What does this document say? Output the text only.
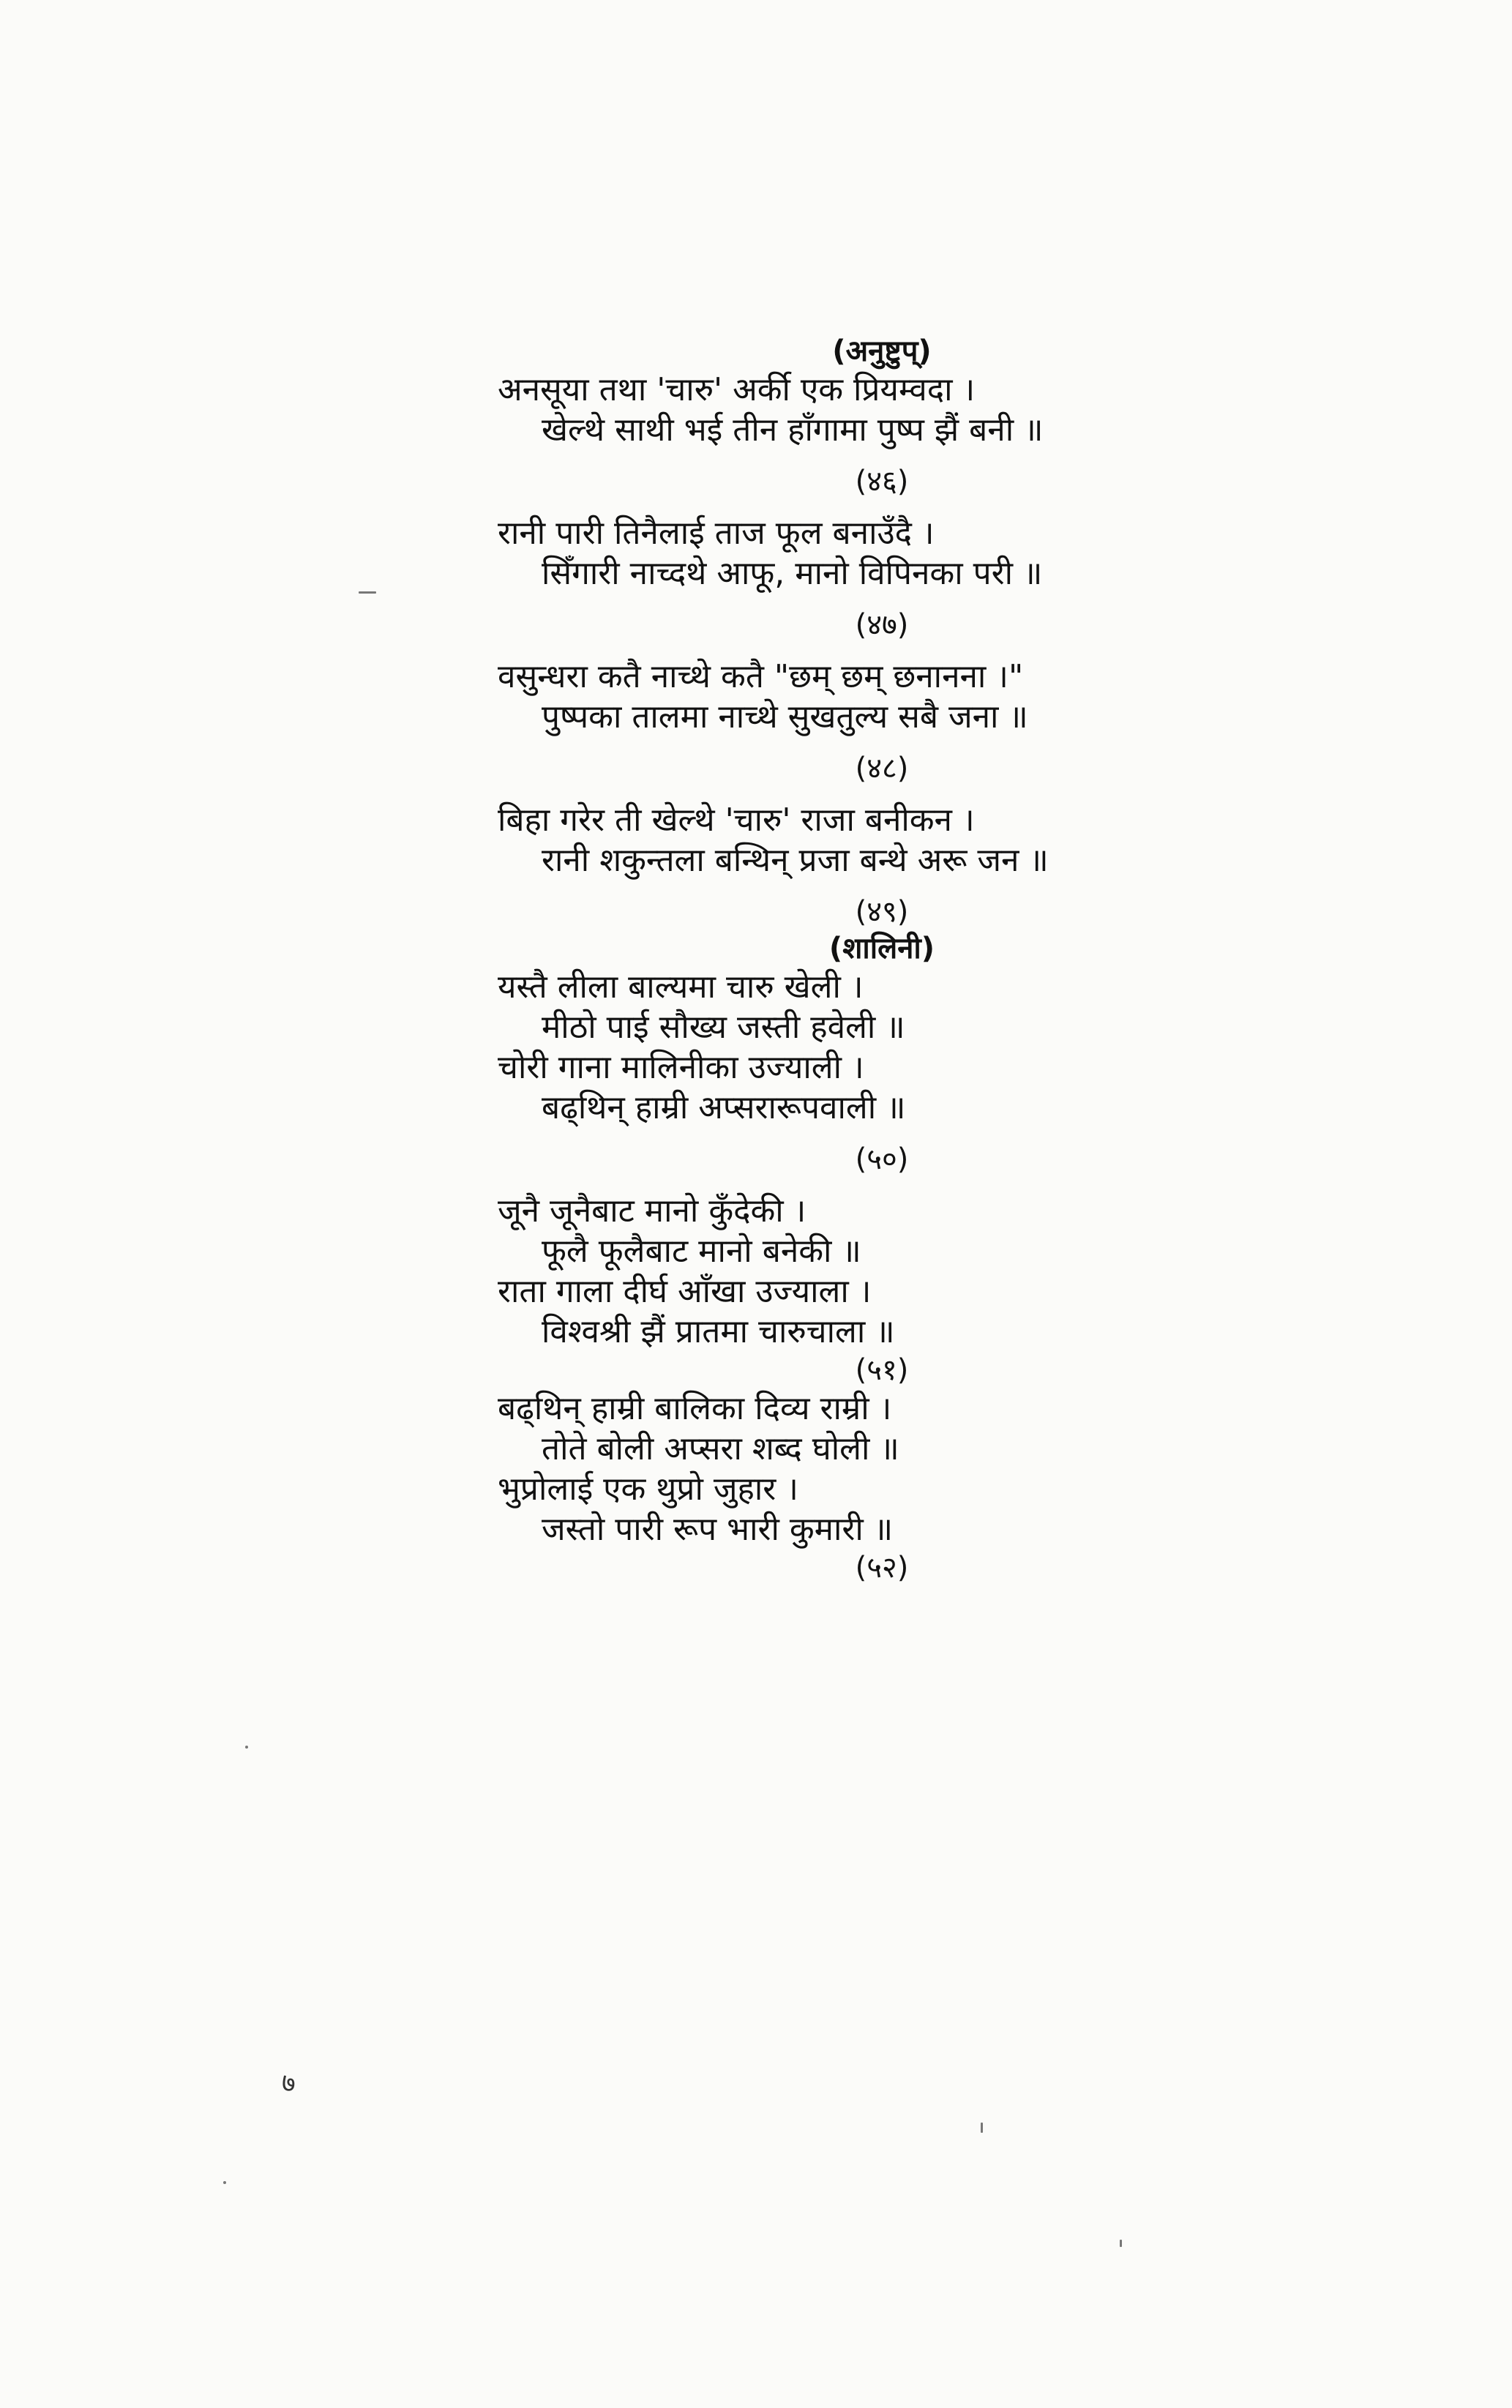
(अनुष्टुप्)
अनसूया तथा 'चारु' अर्की एक प्रियम्वदा ।
खेल्थे साथी भई तीन हाँगामा पुष्प झैं बनी ॥
(४६)
रानी पारी तिनैलाई ताज फूल बनाउँदै ।
सिँगारी नाच्दथे आफू, मानो विपिनका परी ॥
(४७)
वसुन्धरा कतै नाच्थे कतै "छम् छम् छनानना ।"
पुष्पका तालमा नाच्थे सुखतुल्य सबै जना ॥
(४८)
बिहा गरेर ती खेल्थे 'चारु' राजा बनीकन ।
रानी शकुन्तला बन्थिन् प्रजा बन्थे अरू जन ॥
(४९)
(शालिनी)
यस्तै लीला बाल्यमा चारु खेली ।
मीठो पाई सौख्य जस्ती हवेली ॥
चोरी गाना मालिनीका उज्याली ।
बढ्थिन् हाम्री अप्सरारूपवाली ॥
(५०)
जूनै जूनैबाट मानो कुँदेकी ।
फूलै फूलैबाट मानो बनेकी ॥
राता गाला दीर्घ आँखा उज्याला ।
विश्वश्री झैं प्रातमा चारुचाला ॥
(५१)
बढ्थिन् हाम्री बालिका दिव्य राम्री ।
तोते बोली अप्सरा शब्द घोली ॥
भुप्रोलाई एक थुप्रो जुहार ।
जस्तो पारी रूप भारी कुमारी ॥
(५२)
७
